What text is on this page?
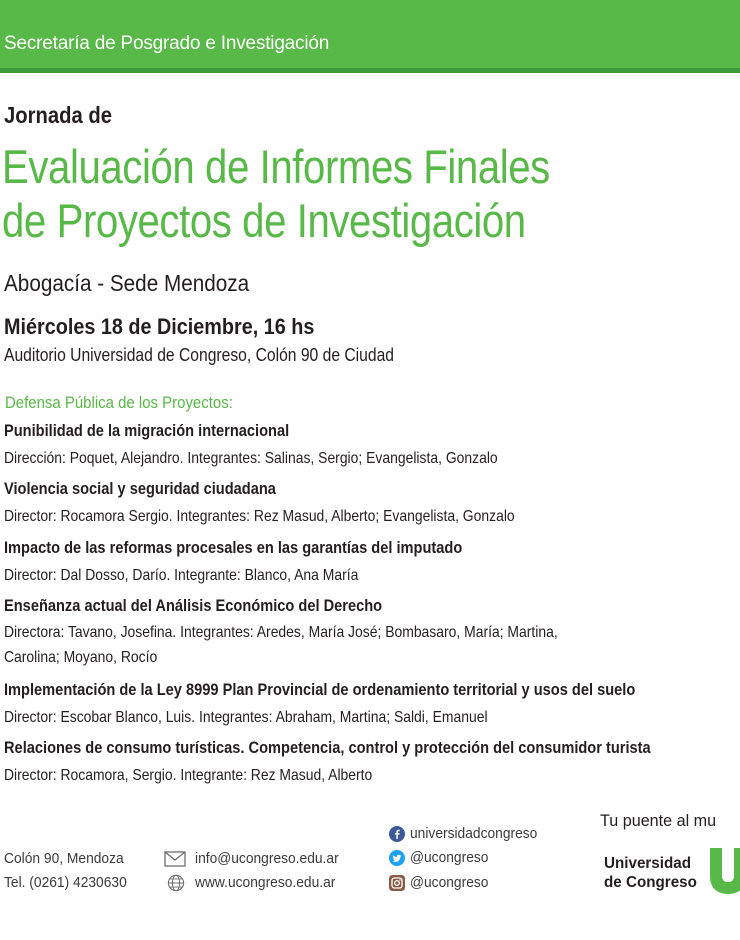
Secretaría de Posgrado e Investigación
Jornada de
Evaluación de Informes Finales
de Proyectos de Investigación
Abogacía - Sede Mendoza
Miércoles 18 de Diciembre, 16 hs
Auditorio Universidad de Congreso, Colón 90 de Ciudad
Defensa Pública de los Proyectos:
Punibilidad de la migración internacional
Dirección: Poquet, Alejandro. Integrantes: Salinas, Sergio; Evangelista, Gonzalo
Violencia social y seguridad ciudadana
Director: Rocamora Sergio. Integrantes: Rez Masud, Alberto; Evangelista, Gonzalo
Impacto de las reformas procesales en las garantías del imputado
Director: Dal Dosso, Darío. Integrante: Blanco, Ana María
Enseñanza actual del Análisis Económico del Derecho
Directora: Tavano, Josefina. Integrantes: Aredes, María José; Bombasaro, María; Martina,
Carolina; Moyano, Rocío
Implementación de la Ley 8999 Plan Provincial de ordenamiento territorial y usos del suelo
Director: Escobar Blanco, Luis. Integrantes: Abraham, Martina; Saldi, Emanuel
Relaciones de consumo turísticas. Competencia, control y protección del consumidor turista
Director: Rocamora, Sergio. Integrante: Rez Masud, Alberto
Colón 90, Mendoza
Tel. (0261) 4230630
info@ucongreso.edu.ar
www.ucongreso.edu.ar
universidadcongreso
@ucongreso
@ucongreso
Tu puente al mu
Universidad
de Congreso
